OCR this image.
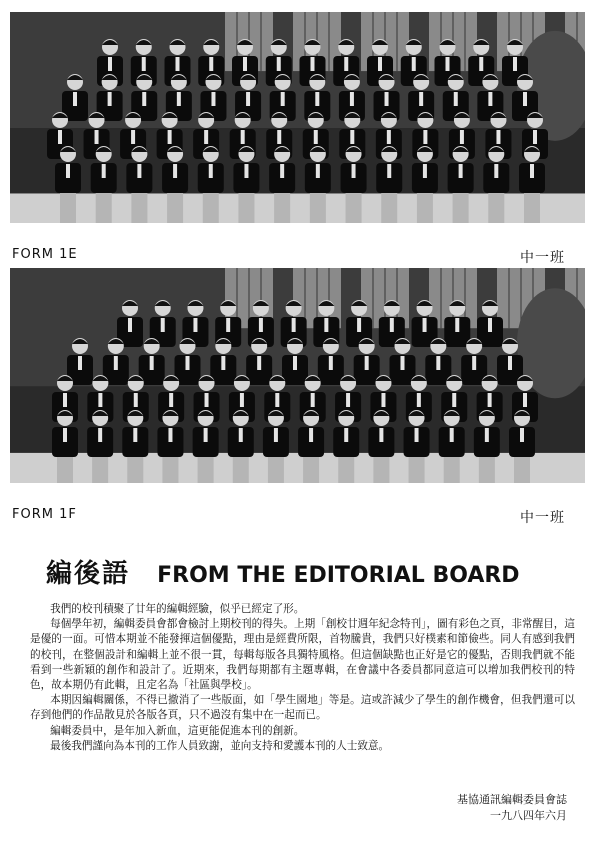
FORM 1E	中一班
FORM 1F	中一班
編後語 FROM THE EDITORIAL BOARD

我們的校刊積聚了廿年的編輯經驗，似乎已經定了形。

每個學年初，編輯委員會都會檢討上期校刊的得失。上期「創校廿週年紀念特刊」，圖有彩色之頁，非常醒目，這是優的一面。可惜本期並不能發揮這個優點，理由是經費所限，首物騰貴，我們只好樸素和節儉些。同人有感到我們的校刊，在整個設計和編輯上並不很一貫，每輯每版各具獨特風格。但這個缺點也正好是它的優點，否則我們就不能看到一些新穎的創作和設計了。近期來，我們每期都有主題專輯，在會議中各委員都同意這可以增加我們校刊的特色，故本期仍有此輯，且定名為「社區與學校」。

本期因編輯關係，不得已撤消了一些版面，如「學生園地」等是。這或許減少了學生的創作機會，但我們還可以存到他們的作品散見於各版各頁，只不過沒有集中在一起而已。

編輯委員中，是年加入新血，這更能促進本刊的創新。

最後我們謹向為本刊的工作人員致謝，並向支持和愛護本刊的人士致意。

基協通訊編輯委員會誌
一九八四年六月
